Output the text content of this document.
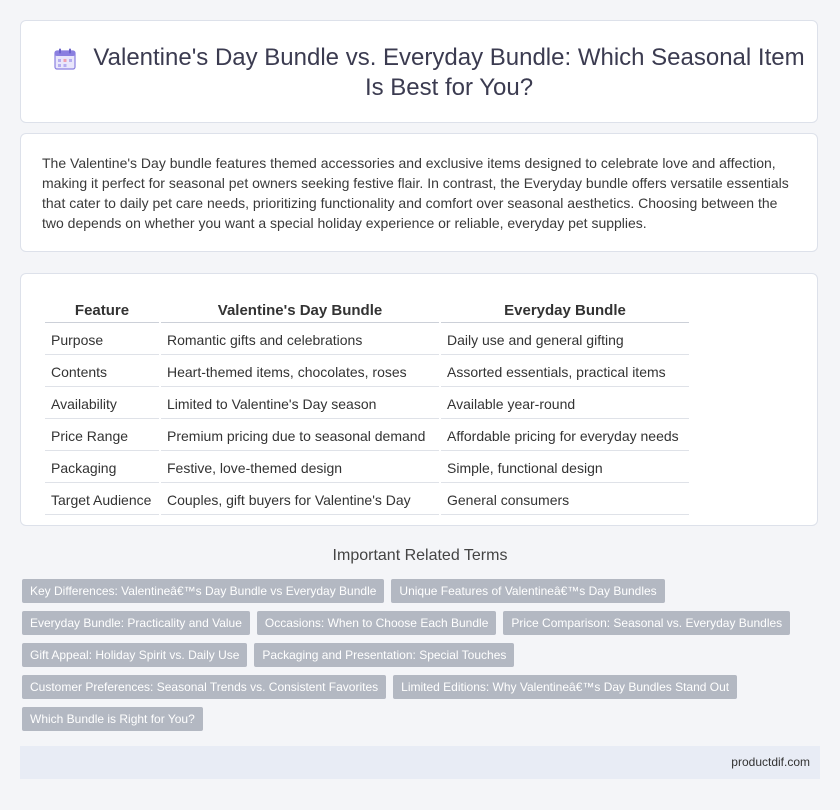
Valentine's Day Bundle vs. Everyday Bundle: Which Seasonal Item Is Best for You?
The Valentine's Day bundle features themed accessories and exclusive items designed to celebrate love and affection, making it perfect for seasonal pet owners seeking festive flair. In contrast, the Everyday bundle offers versatile essentials that cater to daily pet care needs, prioritizing functionality and comfort over seasonal aesthetics. Choosing between the two depends on whether you want a special holiday experience or reliable, everyday pet supplies.
Feature	Valentine's Day Bundle	Everyday Bundle
Purpose	Romantic gifts and celebrations	Daily use and general gifting
Contents	Heart-themed items, chocolates, roses	Assorted essentials, practical items
Availability	Limited to Valentine's Day season	Available year-round
Price Range	Premium pricing due to seasonal demand	Affordable pricing for everyday needs
Packaging	Festive, love-themed design	Simple, functional design
Target Audience	Couples, gift buyers for Valentine's Day	General consumers
Important Related Terms
Key Differences: Valentineâ€™s Day Bundle vs Everyday Bundle	Unique Features of Valentineâ€™s Day Bundles
Everyday Bundle: Practicality and Value	Occasions: When to Choose Each Bundle	Price Comparison: Seasonal vs. Everyday Bundles
Gift Appeal: Holiday Spirit vs. Daily Use	Packaging and Presentation: Special Touches
Customer Preferences: Seasonal Trends vs. Consistent Favorites	Limited Editions: Why Valentineâ€™s Day Bundles Stand Out
Which Bundle is Right for You?
productdif.com
